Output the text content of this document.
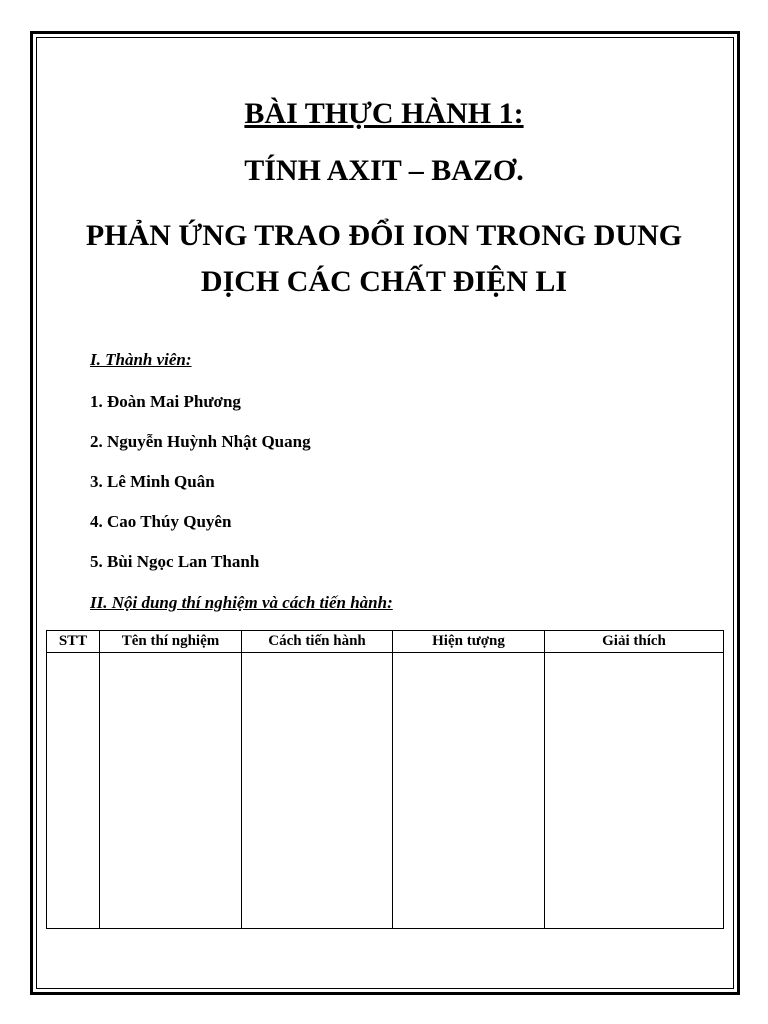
BÀI THỰC HÀNH 1:
TÍNH AXIT – BAZƠ.
PHẢN ỨNG TRAO ĐỔI ION TRONG DUNG DỊCH CÁC CHẤT ĐIỆN LI

I. Thành viên:

1. Đoàn Mai Phương

2. Nguyễn Huỳnh Nhật Quang

3. Lê Minh Quân

4. Cao Thúy Quyên

5. Bùi Ngọc Lan Thanh

II. Nội dung thí nghiệm và cách tiến hành:

STT	Tên thí nghiệm	Cách tiến hành	Hiện tượng	Giải thích
